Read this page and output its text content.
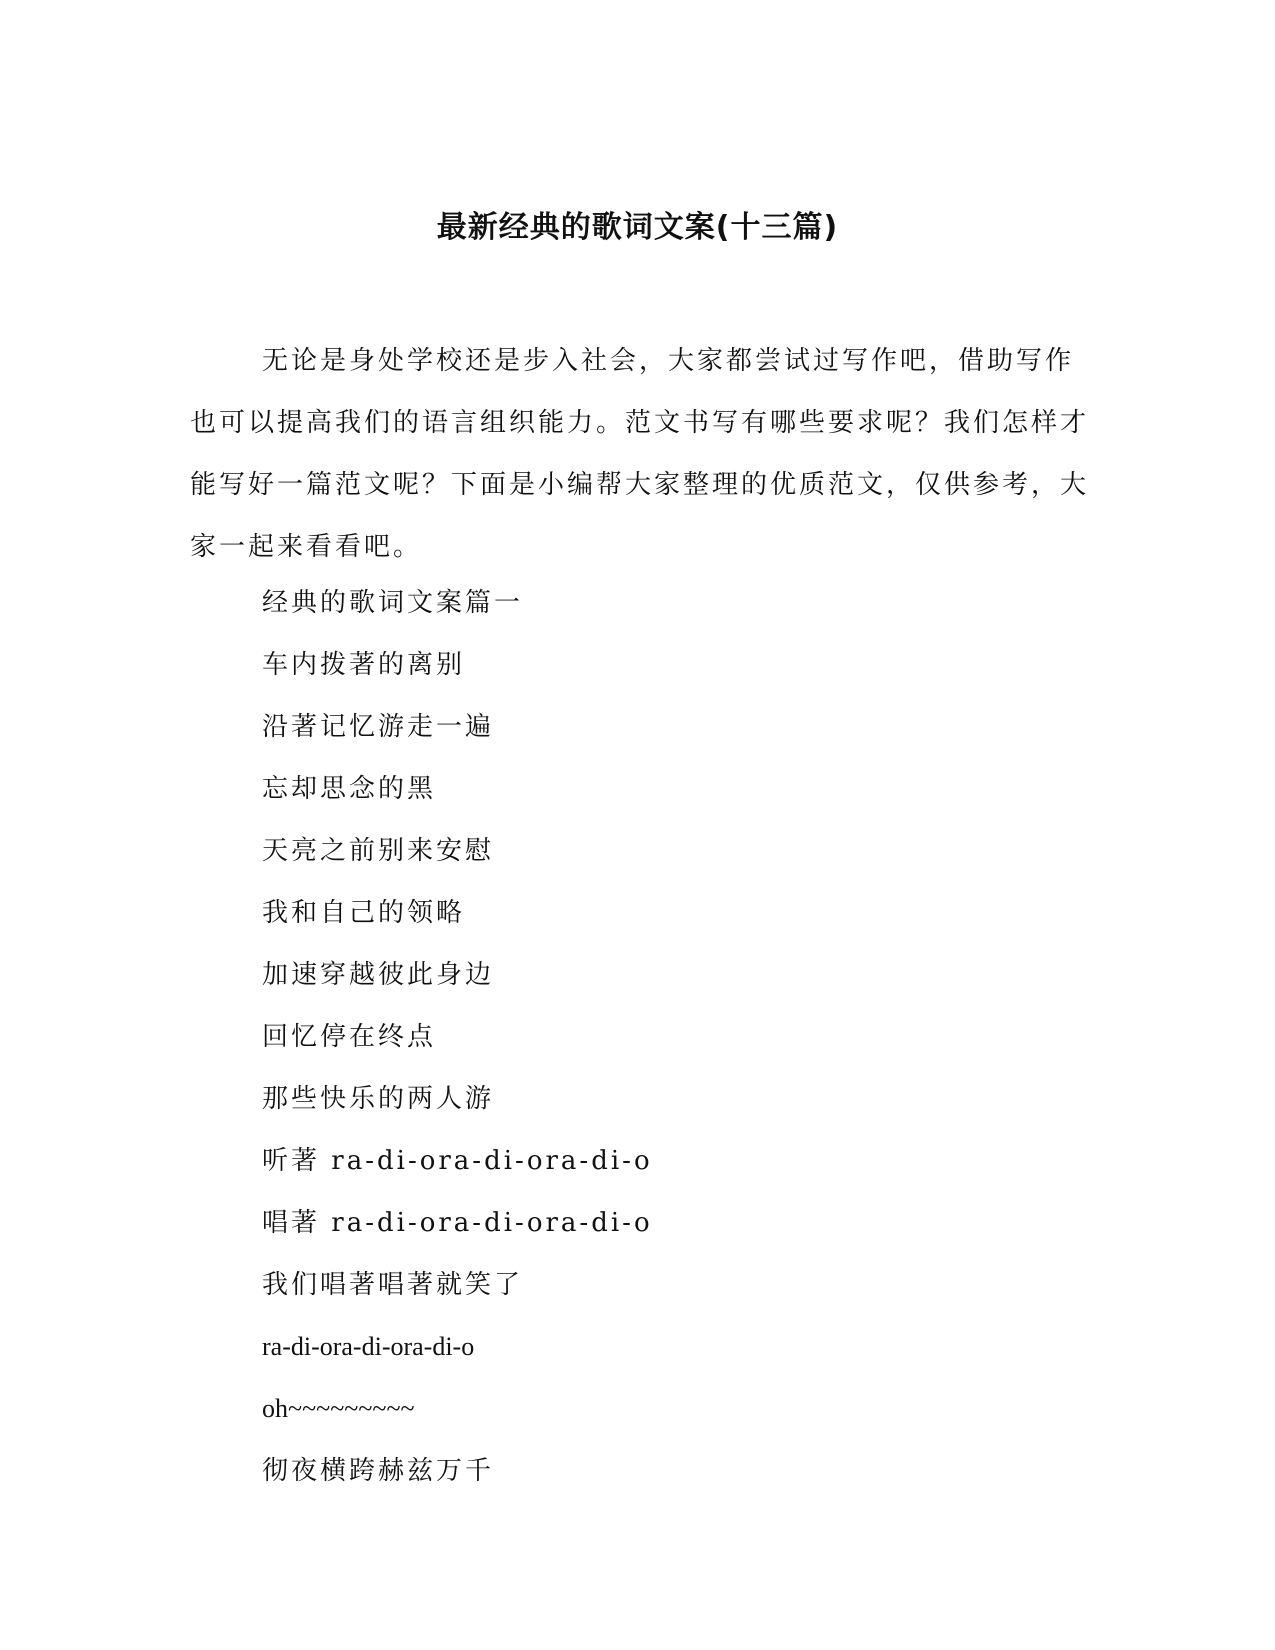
最新经典的歌词文案(十三篇)

无论是身处学校还是步入社会，大家都尝试过写作吧，借助写作也可以提高我们的语言组织能力。范文书写有哪些要求呢？我们怎样才能写好一篇范文呢？下面是小编帮大家整理的优质范文，仅供参考，大家一起来看看吧。

经典的歌词文案篇一
车内拨著的离别
沿著记忆游走一遍
忘却思念的黑
天亮之前别来安慰
我和自己的领略
加速穿越彼此身边
回忆停在终点
那些快乐的两人游
听著 ra-di-ora-di-ora-di-o
唱著 ra-di-ora-di-ora-di-o
我们唱著唱著就笑了
ra-di-ora-di-ora-di-o
oh~~~~~~~~~
彻夜横跨赫兹万千
